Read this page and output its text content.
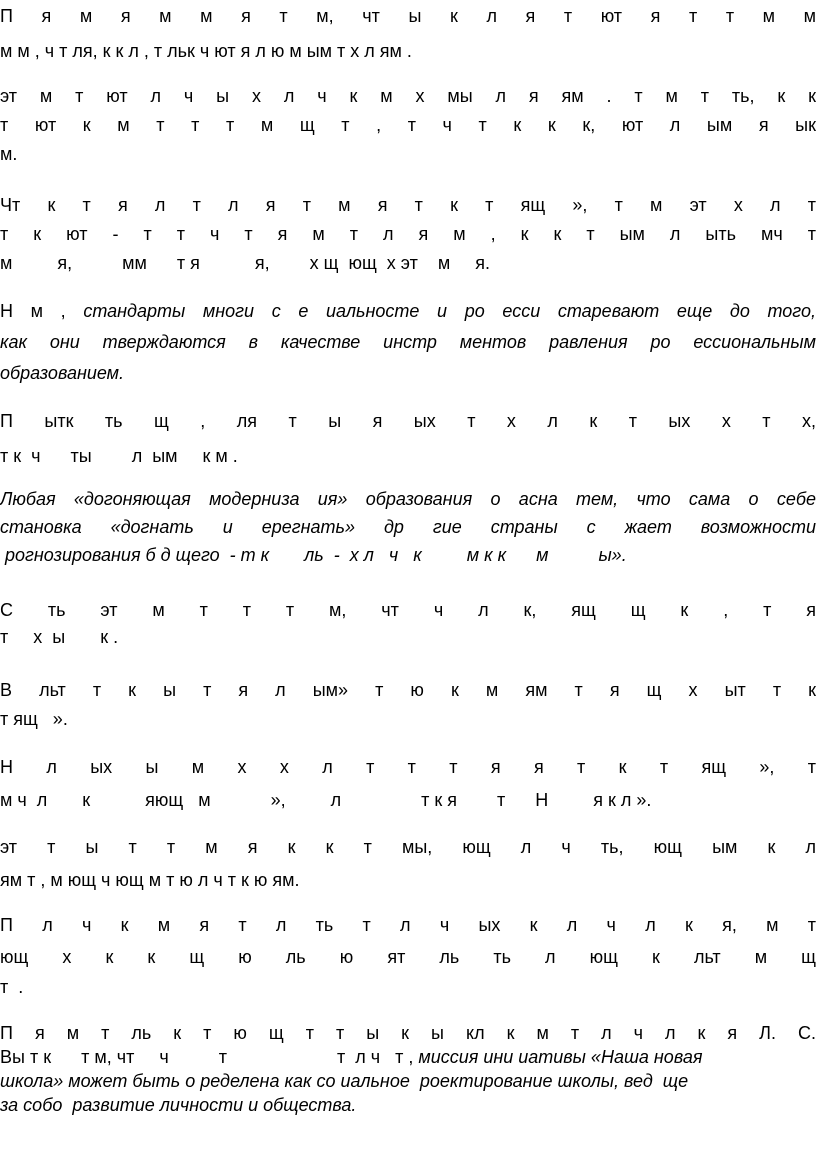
П я м я м м я т м, чт ы к л я т ют я т т м м
м м , ч т ля, к к л , т льк ч ют я л ю м ым т х л ям .
эт м т ют л ч ы х л ч к м х мы л я ям . т м т ть, к к
т ют к м т т т м щ т , т ч т к к к, ют л ым я ык
м.
Чт к т я л т л я т м я т к т ящ », т м эт х л т
т к ют - т т ч т я м т л я м , к к т ым л ыть мч т
м         я,          мм      т я           я,        х щ  ющ  х эт    м     я.
Н м , стандарты многи с е иальносте и ро есси старевают еще до того,
как они тверждаются в качестве инстр ментов равления ро ессиональным
образованием.
П ытк ть щ , ля т ы я ых т х л к т ых х т х,
т к  ч      ты        л  ым     к м .
Любая «догоняющая модерниза ия» образования о асна тем, что сама о себе
становка «догнать и ерегнать» др гие страны с жает возможности
рогнозирования б д щего  - т к       ль  -  х л   ч   к         м к к      м          ы».
С ть эт м т т т м, чт ч л к, ящ щ к , т я
т     х  ы       к .
В льт т к ы т я л ым» т ю к м ям т я щ х ыт т к
т ящ   ».
Н л ых ы м х х л т т т я я т к т ящ », т
м ч  л       к           яющ   м            »,         л                т к я        т      Н         я к л ».
эт т ы т т м я к к т мы, ющ л ч ть, ющ ым к л
ям т , м ющ ч ющ м т ю л ч т к ю ям.
П л ч к м я т л ть т л ч ых к л ч л к я, м т
ющ х к к щ ю ль ю ят ль ть л ющ к льт м щ
т  .
П я м т ль к т ю щ т т ы к ы кл к м т л ч л к я Л. С.
Вы т к      т м, чт     ч          т                      т  л ч   т , миссия ини иативы «Наша новая
школа» может быть о ределена как со иальное  роектирование школы, вед  ще
за собо  развитие личности и общества.
